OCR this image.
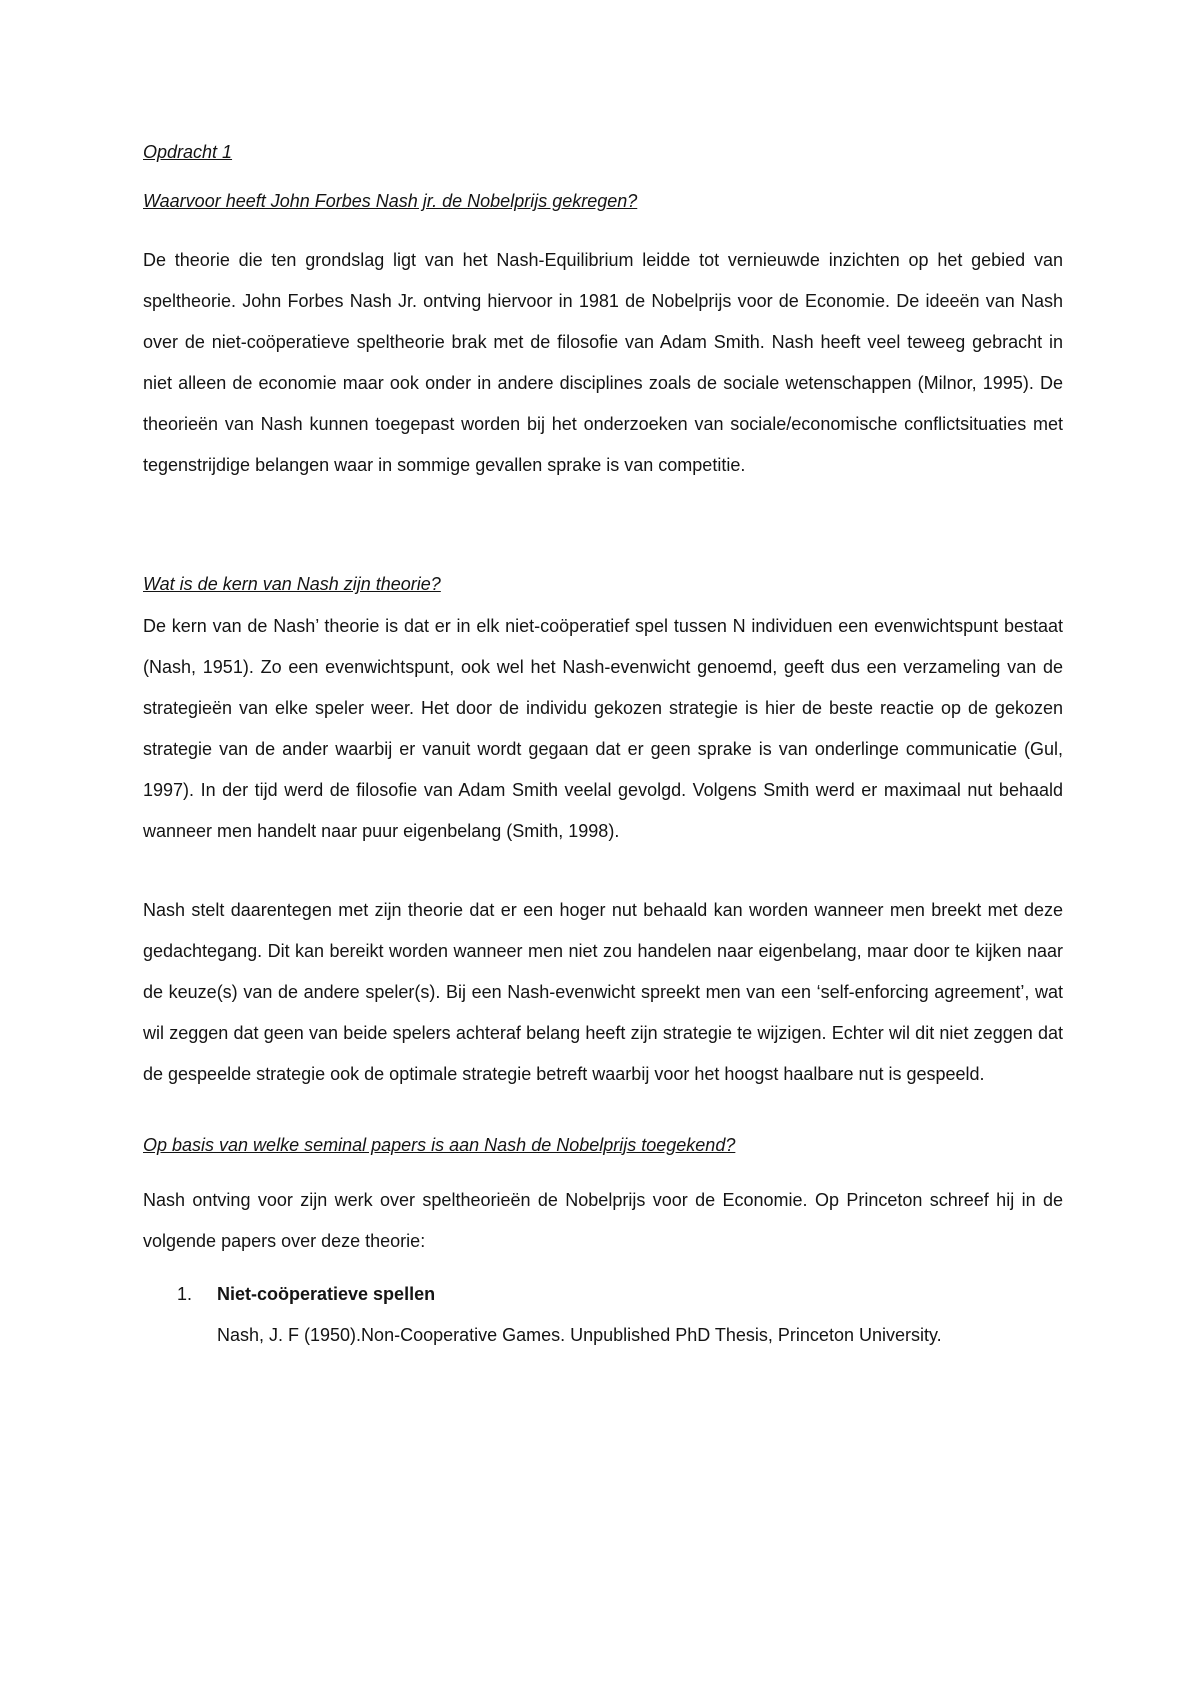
Opdracht 1

Waarvoor heeft John Forbes Nash jr. de Nobelprijs gekregen?

De theorie die ten grondslag ligt van het Nash-Equilibrium leidde tot vernieuwde inzichten op het gebied van speltheorie. John Forbes Nash Jr. ontving hiervoor in 1981 de Nobelprijs voor de Economie. De ideeën van Nash over de niet-coöperatieve speltheorie brak met de filosofie van Adam Smith. Nash heeft veel teweeg gebracht in niet alleen de economie maar ook onder in andere disciplines zoals de sociale wetenschappen (Milnor, 1995). De theorieën van Nash kunnen toegepast worden bij het onderzoeken van sociale/economische conflictsituaties met tegenstrijdige belangen waar in sommige gevallen sprake is van competitie.

Wat is de kern van Nash zijn theorie?

De kern van de Nash’ theorie is dat er in elk niet-coöperatief spel tussen N individuen een evenwichtspunt bestaat (Nash, 1951). Zo een evenwichtspunt, ook wel het Nash-evenwicht genoemd, geeft dus een verzameling van de strategieën van elke speler weer. Het door de individu gekozen strategie is hier de beste reactie op de gekozen strategie van de ander waarbij er vanuit wordt gegaan dat er geen sprake is van onderlinge communicatie (Gul, 1997). In der tijd werd de filosofie van Adam Smith veelal gevolgd. Volgens Smith werd er maximaal nut behaald wanneer men handelt naar puur eigenbelang (Smith, 1998).

Nash stelt daarentegen met zijn theorie dat er een hoger nut behaald kan worden wanneer men breekt met deze gedachtegang. Dit kan bereikt worden wanneer men niet zou handelen naar eigenbelang, maar door te kijken naar de keuze(s) van de andere speler(s). Bij een Nash-evenwicht spreekt men van een ‘self-enforcing agreement’, wat wil zeggen dat geen van beide spelers achteraf belang heeft zijn strategie te wijzigen. Echter wil dit niet zeggen dat de gespeelde strategie ook de optimale strategie betreft waarbij voor het hoogst haalbare nut is gespeeld.

Op basis van welke seminal papers is aan Nash de Nobelprijs toegekend?

Nash ontving voor zijn werk over speltheorieën de Nobelprijs voor de Economie. Op Princeton schreef hij in de volgende papers over deze theorie:

1. Niet-coöperatieve spellen
Nash, J. F (1950).Non-Cooperative Games. Unpublished PhD Thesis, Princeton University.
